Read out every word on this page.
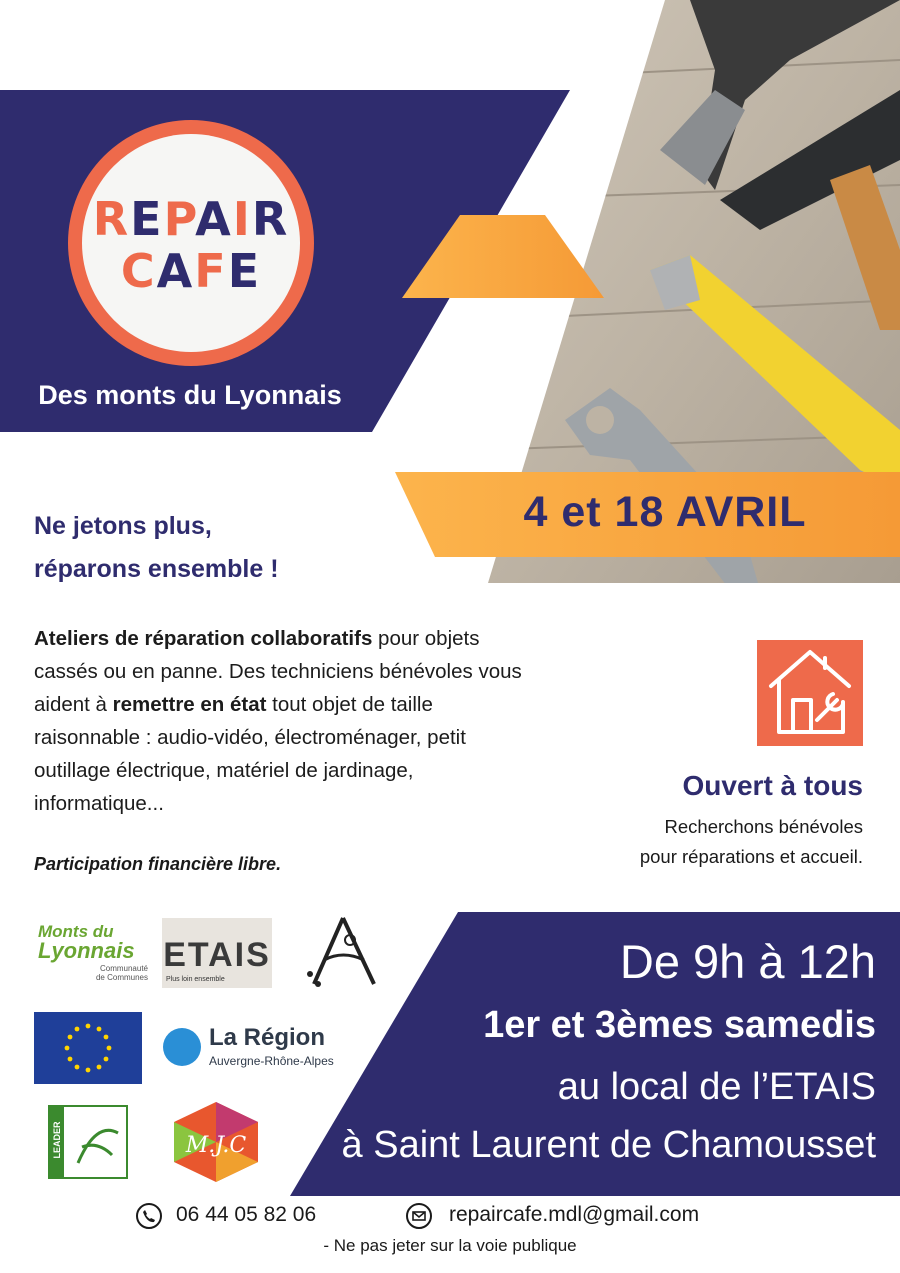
REPAIR
CAFE
Des monts du Lyonnais
4 et 18 AVRIL
Ne jetons plus,
réparons ensemble !
Ateliers de réparation collaboratifs pour objets cassés ou en panne. Des techniciens bénévoles vous aident à remettre en état tout objet de taille raisonnable : audio-vidéo, électroménager, petit outillage électrique, matériel de jardinage, informatique...
Participation financière libre.
Ouvert à tous
Recherchons bénévoles
pour réparations et accueil.
Monts du
Lyonnais
Communauté
de Communes
ETAIS
Plus loin ensemble
La Région
Auvergne-Rhône-Alpes
LEADER	M.J.C
De 9h à 12h
1er et 3èmes samedis
au local de l’ETAIS
à Saint Laurent de Chamousset
06 44 05 82 06	repaircafe.mdl@gmail.com
- Ne pas jeter sur la voie publique
